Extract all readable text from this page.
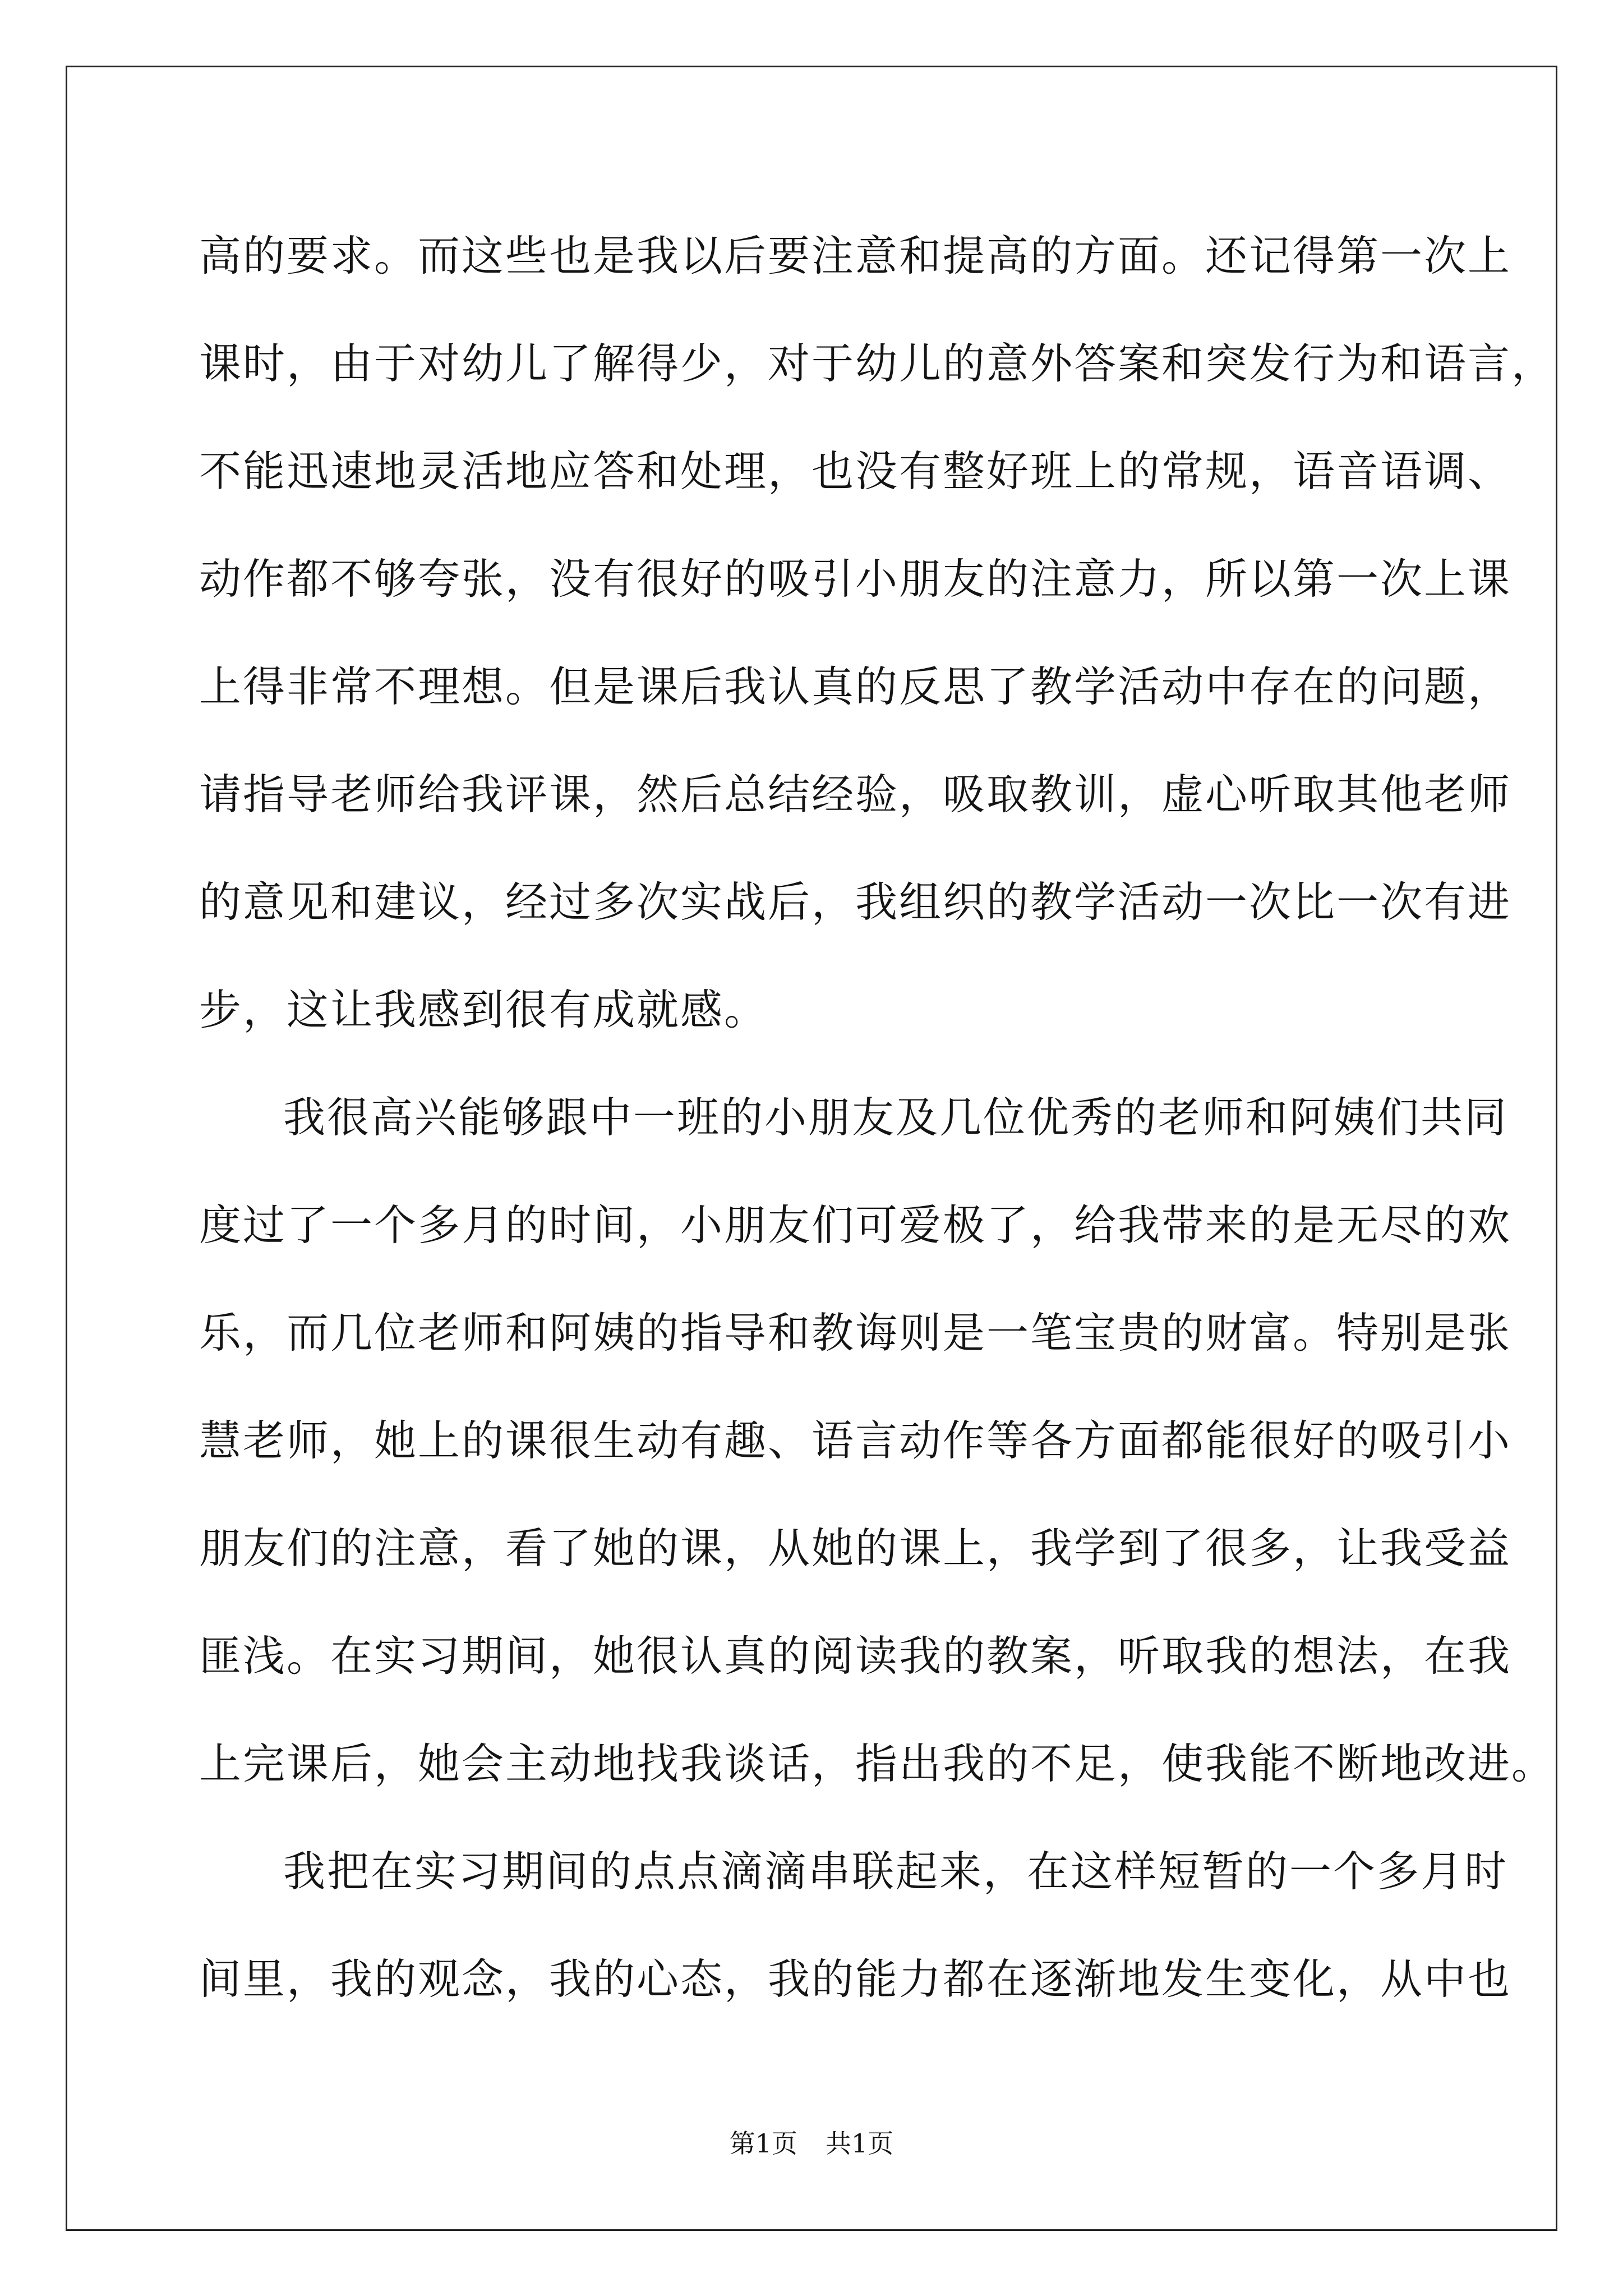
高的要求。而这些也是我以后要注意和提高的方面。还记得第一次上
课时，由于对幼儿了解得少，对于幼儿的意外答案和突发行为和语言，
不能迅速地灵活地应答和处理，也没有整好班上的常规，语音语调、
动作都不够夸张，没有很好的吸引小朋友的注意力，所以第一次上课
上得非常不理想。但是课后我认真的反思了教学活动中存在的问题，
请指导老师给我评课，然后总结经验，吸取教训，虚心听取其他老师
的意见和建议，经过多次实战后，我组织的教学活动一次比一次有进
步，这让我感到很有成就感。
我很高兴能够跟中一班的小朋友及几位优秀的老师和阿姨们共同
度过了一个多月的时间，小朋友们可爱极了，给我带来的是无尽的欢
乐，而几位老师和阿姨的指导和教诲则是一笔宝贵的财富。特别是张
慧老师，她上的课很生动有趣、语言动作等各方面都能很好的吸引小
朋友们的注意，看了她的课，从她的课上，我学到了很多，让我受益
匪浅。在实习期间，她很认真的阅读我的教案，听取我的想法，在我
上完课后，她会主动地找我谈话，指出我的不足，使我能不断地改进。
我把在实习期间的点点滴滴串联起来，在这样短暂的一个多月时
间里，我的观念，我的心态，我的能力都在逐渐地发生变化，从中也
第1页 共1页
